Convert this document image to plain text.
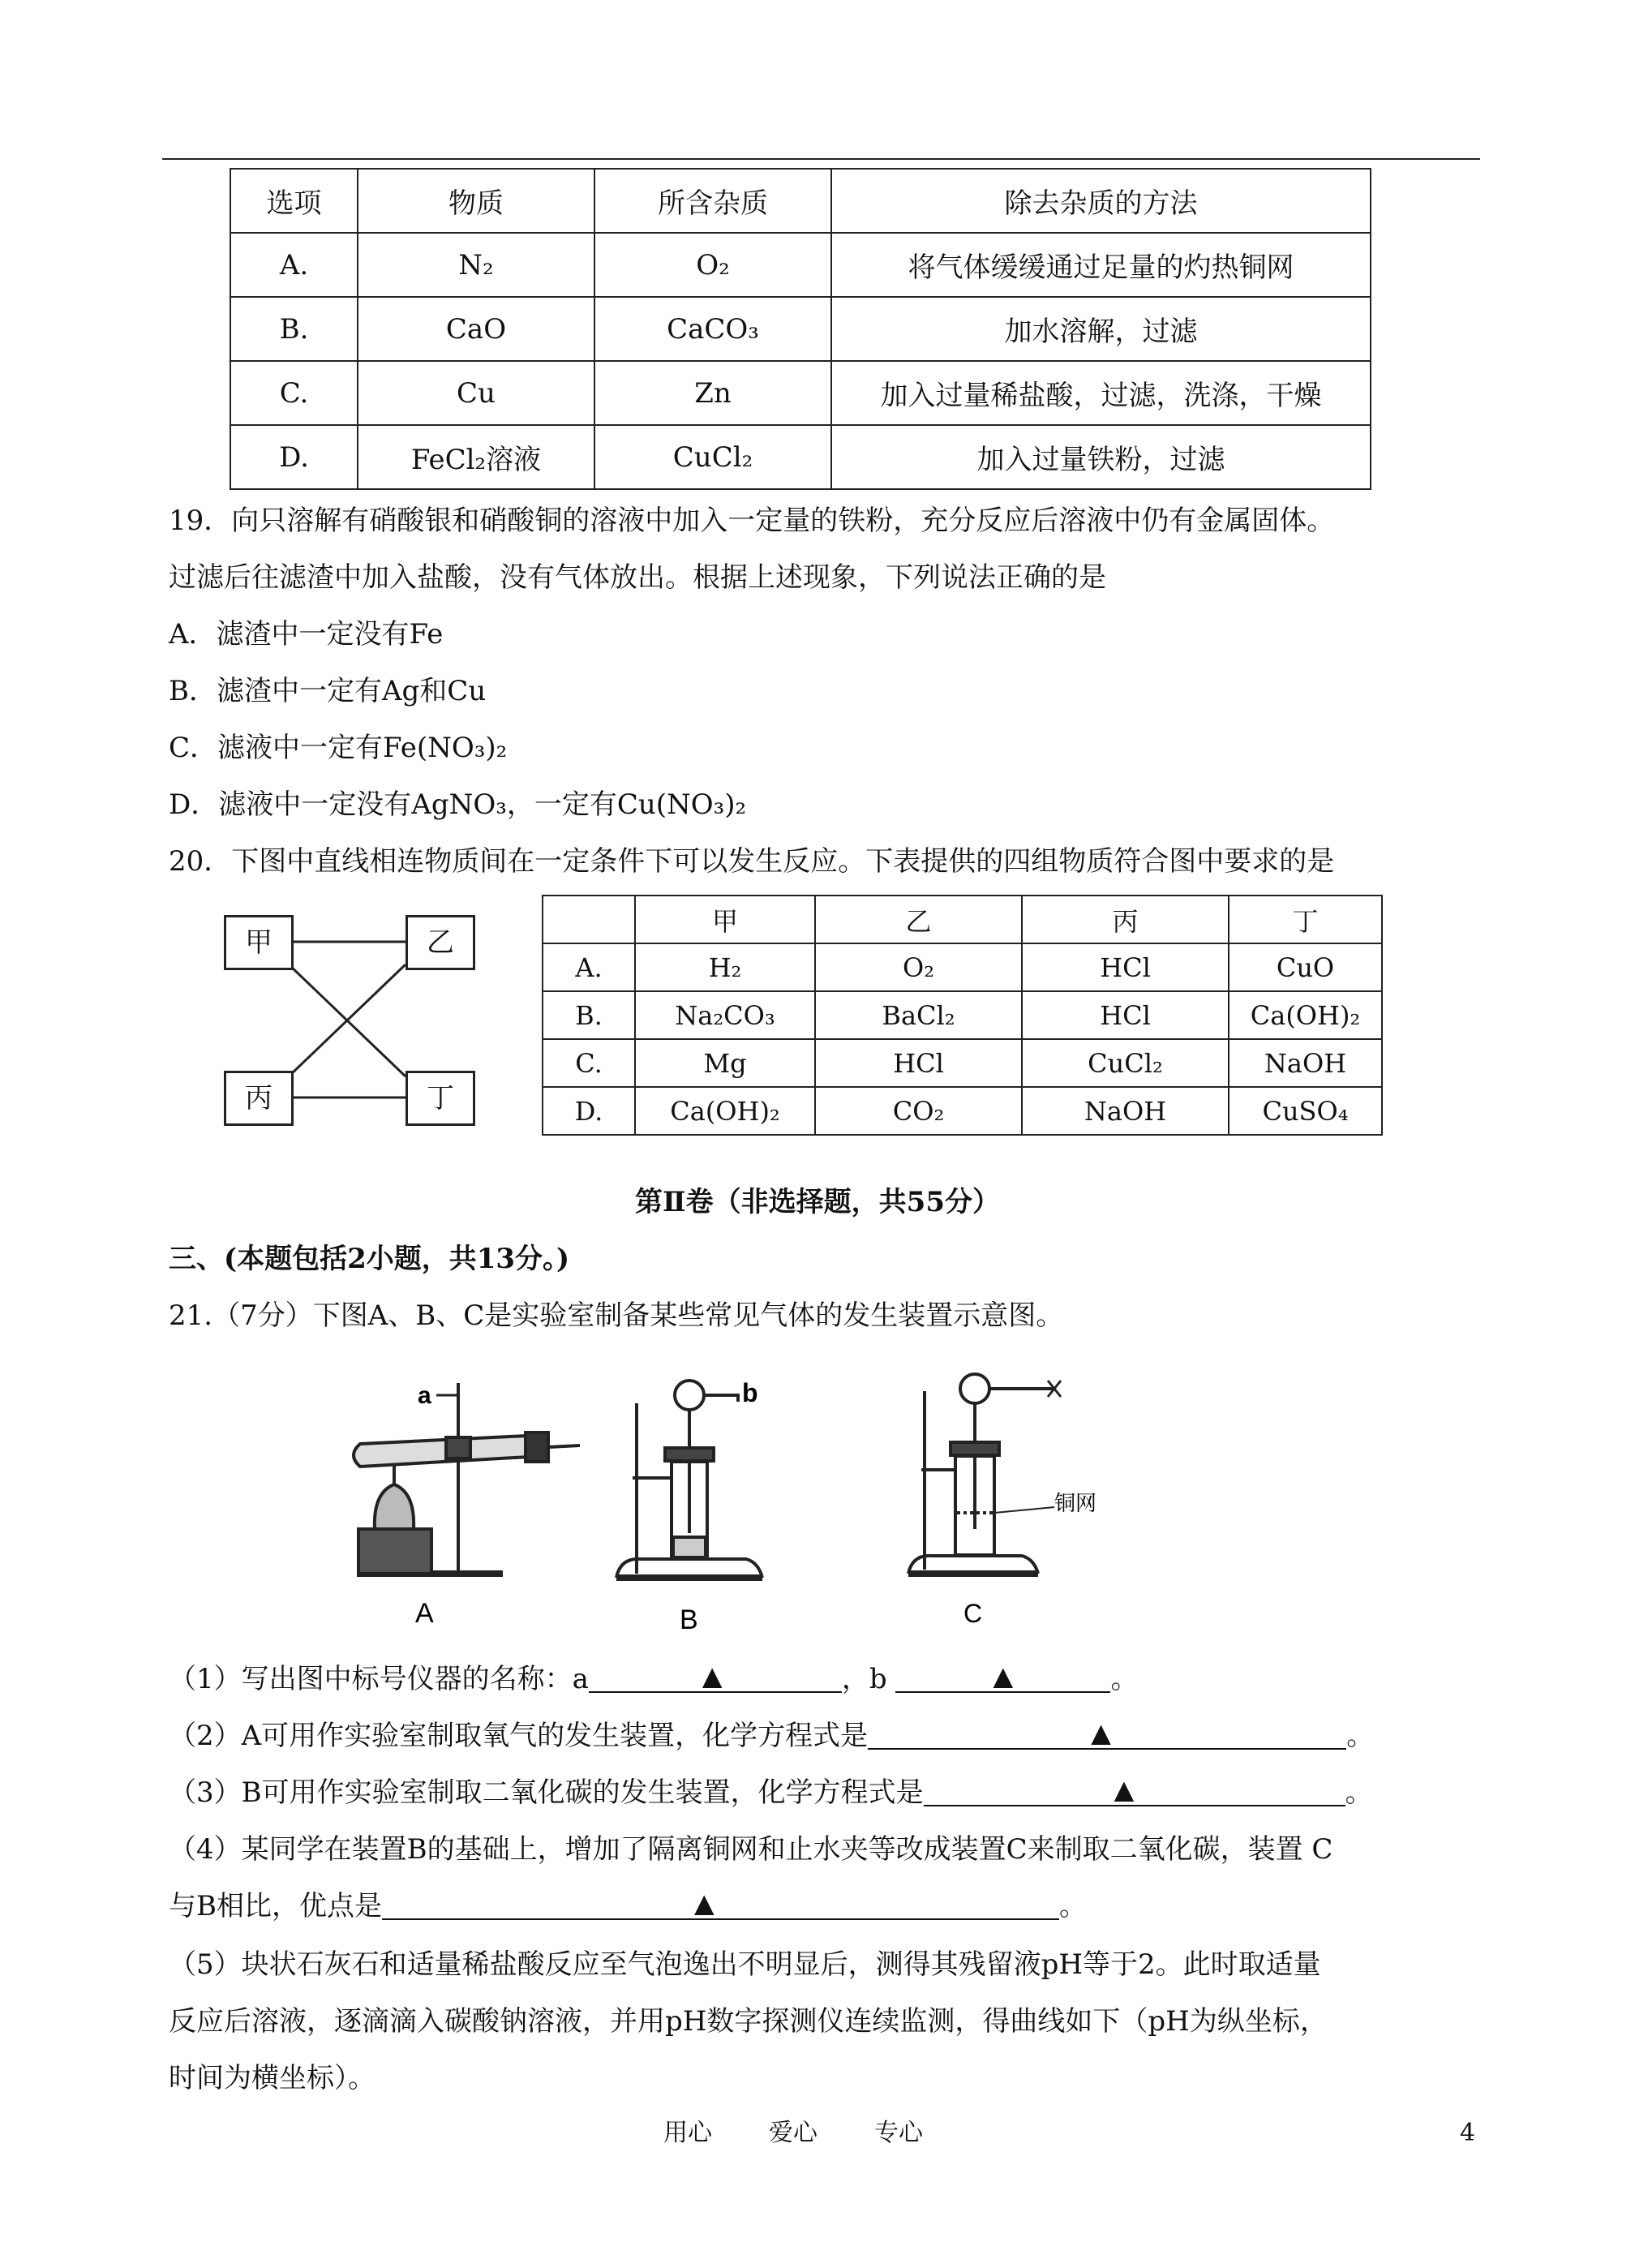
选项	物质	所含杂质	除去杂质的方法
A.	N₂	O₂	将气体缓缓通过足量的灼热铜网
B.	CaO	CaCO₃	加水溶解，过滤
C.	Cu	Zn	加入过量稀盐酸，过滤，洗涤，干燥
D.	FeCl₂溶液	CuCl₂	加入过量铁粉，过滤
19．向只溶解有硝酸银和硝酸铜的溶液中加入一定量的铁粉，充分反应后溶液中仍有金属固体。
过滤后往滤渣中加入盐酸，没有气体放出。根据上述现象，下列说法正确的是
A．滤渣中一定没有Fe
B．滤渣中一定有Ag和Cu
C．滤液中一定有Fe(NO₃)₂
D．滤液中一定没有AgNO₃，一定有Cu(NO₃)₂
20．下图中直线相连物质间在一定条件下可以发生反应。下表提供的四组物质符合图中要求的是
甲	乙
丙	丁
	甲	乙	丙	丁
A.	H₂	O₂	HCl	CuO
B.	Na₂CO₃	BaCl₂	HCl	Ca(OH)₂
C.	Mg	HCl	CuCl₂	NaOH
D.	Ca(OH)₂	CO₂	NaOH	CuSO₄
第Ⅱ卷（非选择题，共55分）
三、(本题包括2小题，共13分。)
21.（7分）下图A、B、C是实验室制备某些常见气体的发生装置示意图。
a
A
b
B
铜网
C
（1）写出图中标号仪器的名称：a	▲	，b	▲	。
（2）A可用作实验室制取氧气的发生装置，化学方程式是	▲	。
（3）B可用作实验室制取二氧化碳的发生装置，化学方程式是	▲	。
（4）某同学在装置B的基础上，增加了隔离铜网和止水夹等改成装置C来制取二氧化碳，装置 C
与B相比，优点是	▲	。
（5）块状石灰石和适量稀盐酸反应至气泡逸出不明显后，测得其残留液pH等于2。此时取适量
反应后溶液，逐滴滴入碳酸钠溶液，并用pH数字探测仪连续监测，得曲线如下（pH为纵坐标，
时间为横坐标）。
用心 爱心 专心	4
